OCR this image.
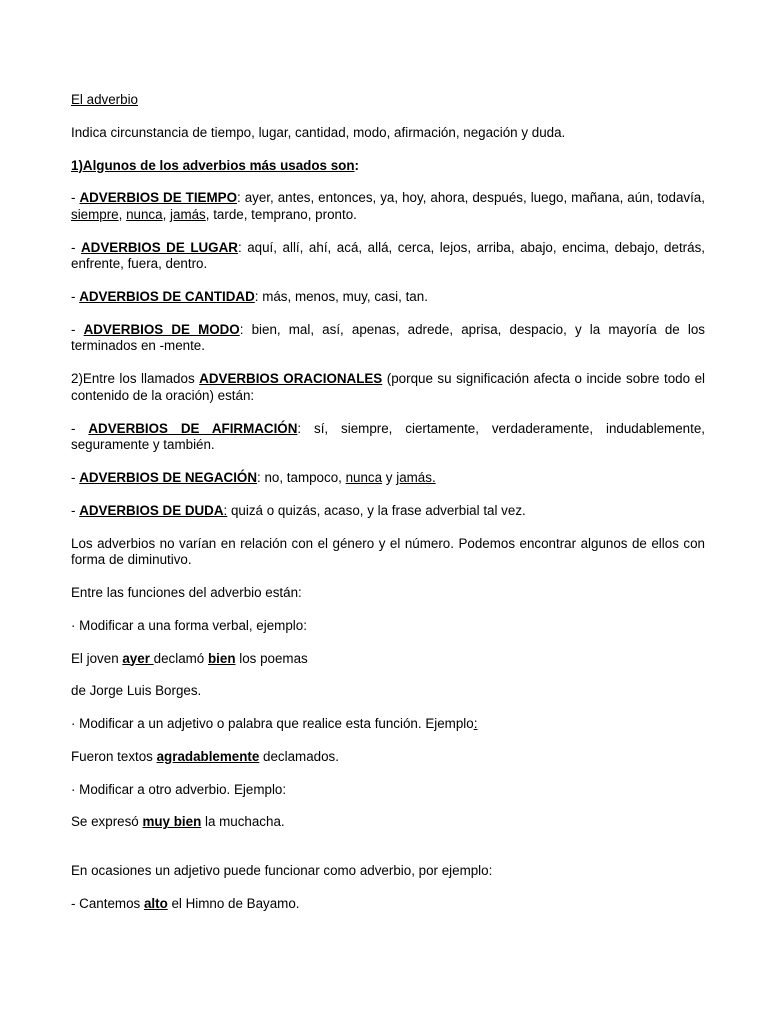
El adverbio

Indica circunstancia de tiempo, lugar, cantidad, modo, afirmación, negación y duda.

1)Algunos de los adverbios más usados son:

- ADVERBIOS DE TIEMPO: ayer, antes, entonces, ya, hoy, ahora, después, luego, mañana, aún, todavía, siempre, nunca, jamás, tarde, temprano, pronto.

- ADVERBIOS DE LUGAR: aquí, allí, ahí, acá, allá, cerca, lejos, arriba, abajo, encima, debajo, detrás, enfrente, fuera, dentro.

- ADVERBIOS DE CANTIDAD: más, menos, muy, casi, tan.

- ADVERBIOS DE MODO: bien, mal, así, apenas, adrede, aprisa, despacio, y la mayoría de los terminados en -mente.

2)Entre los llamados ADVERBIOS ORACIONALES (porque su significación afecta o incide sobre todo el contenido de la oración) están:

- ADVERBIOS DE AFIRMACIÓN: sí, siempre, ciertamente, verdaderamente, indudablemente, seguramente y también.

- ADVERBIOS DE NEGACIÓN: no, tampoco, nunca y jamás.

- ADVERBIOS DE DUDA: quizá o quizás, acaso, y la frase adverbial tal vez.

Los adverbios no varían en relación con el género y el número. Podemos encontrar algunos de ellos con forma de diminutivo.

Entre las funciones del adverbio están:

· Modificar a una forma verbal, ejemplo:

El joven ayer declamó bien los poemas

de Jorge Luis Borges.

· Modificar a un adjetivo o palabra que realice esta función. Ejemplo:

Fueron textos agradablemente declamados.

· Modificar a otro adverbio. Ejemplo:

Se expresó muy bien la muchacha.

En ocasiones un adjetivo puede funcionar como adverbio, por ejemplo:

- Cantemos alto el Himno de Bayamo.
